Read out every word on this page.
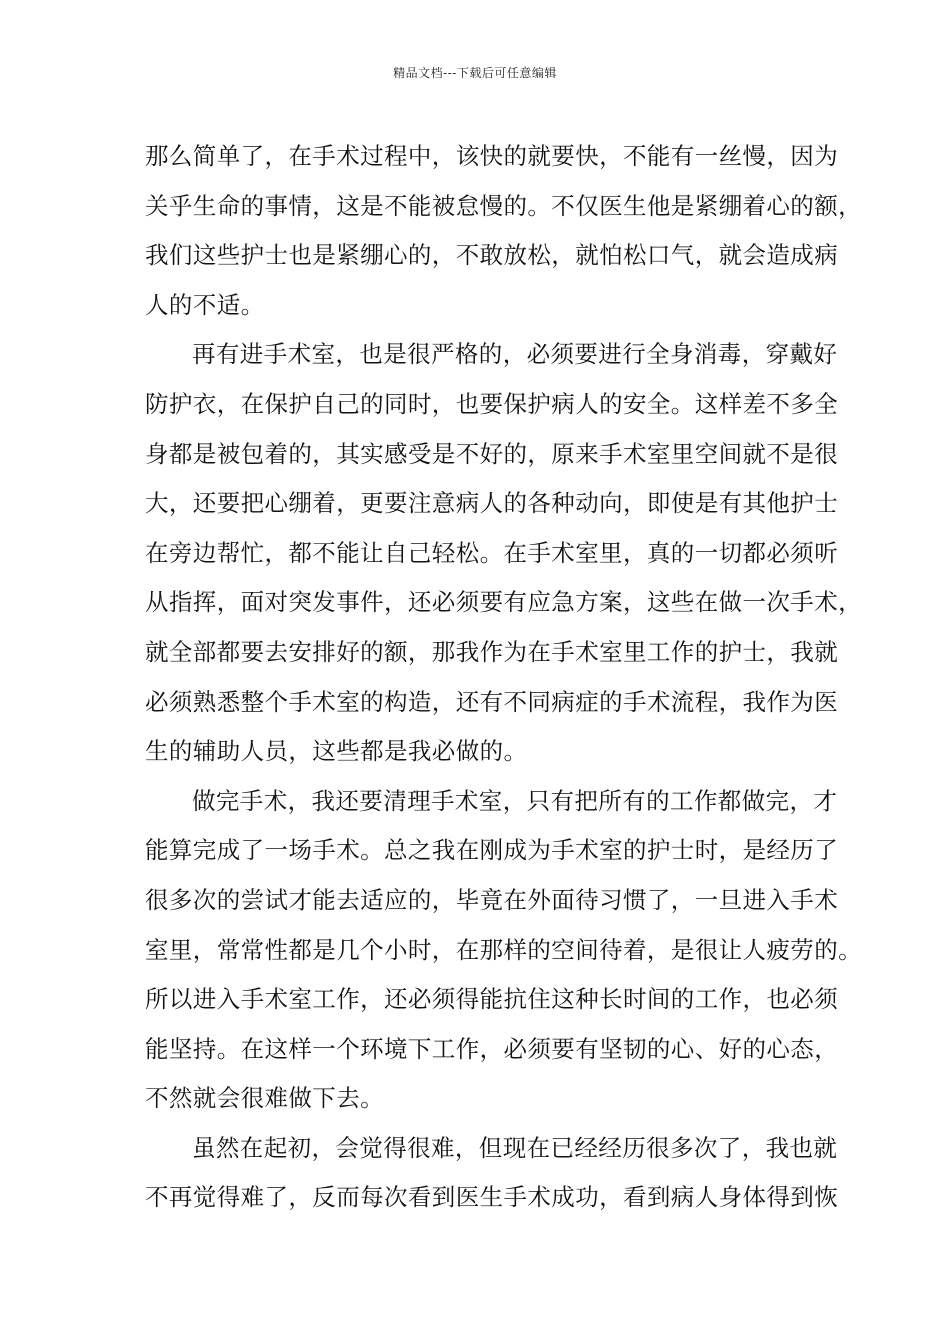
精品文档---下载后可任意编辑
那么简单了，在手术过程中，该快的就要快，不能有一丝慢，因为
关乎生命的事情，这是不能被怠慢的。不仅医生他是紧绷着心的额，
我们这些护士也是紧绷心的，不敢放松，就怕松口气，就会造成病
人的不适。
再有进手术室，也是很严格的，必须要进行全身消毒，穿戴好
防护衣，在保护自己的同时，也要保护病人的安全。这样差不多全
身都是被包着的，其实感受是不好的，原来手术室里空间就不是很
大，还要把心绷着，更要注意病人的各种动向，即使是有其他护士
在旁边帮忙，都不能让自己轻松。在手术室里，真的一切都必须听
从指挥，面对突发事件，还必须要有应急方案，这些在做一次手术，
就全部都要去安排好的额，那我作为在手术室里工作的护士，我就
必须熟悉整个手术室的构造，还有不同病症的手术流程，我作为医
生的辅助人员，这些都是我必做的。
做完手术，我还要清理手术室，只有把所有的工作都做完，才
能算完成了一场手术。总之我在刚成为手术室的护士时，是经历了
很多次的尝试才能去适应的，毕竟在外面待习惯了，一旦进入手术
室里，常常性都是几个小时，在那样的空间待着，是很让人疲劳的。
所以进入手术室工作，还必须得能抗住这种长时间的工作，也必须
能坚持。在这样一个环境下工作，必须要有坚韧的心、好的心态，
不然就会很难做下去。
虽然在起初，会觉得很难，但现在已经经历很多次了，我也就
不再觉得难了，反而每次看到医生手术成功，看到病人身体得到恢
